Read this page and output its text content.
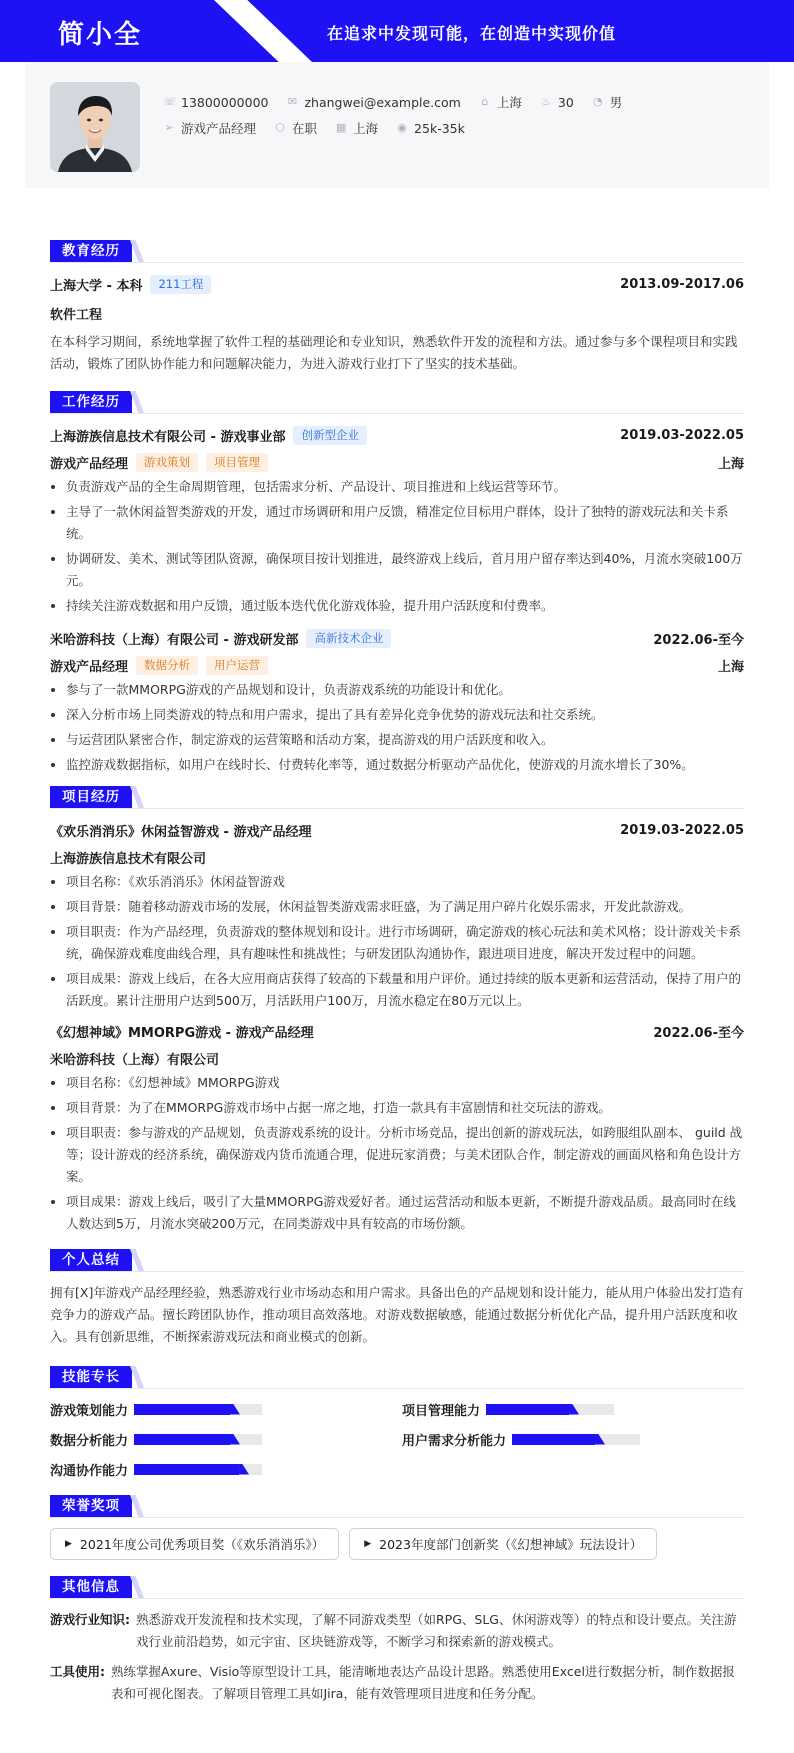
简小全	在追求中发现可能，在创造中实现价值
☏ 13800000000 ✉ zhangwei@example.com ⌂ 上海 ♨ 30 ◔ 男
➢ 游戏产品经理 ⬡ 在职 ▦ 上海 ◉ 25k-35k
教育经历
上海大学 - 本科	211工程	2013.09-2017.06
软件工程
在本科学习期间，系统地掌握了软件工程的基础理论和专业知识，熟悉软件开发的流程和方法。通过参与多个课程项目和实践活动，锻炼了团队协作能力和问题解决能力，为进入游戏行业打下了坚实的技术基础。
工作经历
上海游族信息技术有限公司 - 游戏事业部	创新型企业	2019.03-2022.05
游戏产品经理	游戏策划	项目管理	上海
• 负责游戏产品的全生命周期管理，包括需求分析、产品设计、项目推进和上线运营等环节。
• 主导了一款休闲益智类游戏的开发，通过市场调研和用户反馈，精准定位目标用户群体，设计了独特的游戏玩法和关卡系统。
• 协调研发、美术、测试等团队资源，确保项目按计划推进，最终游戏上线后，首月用户留存率达到40%，月流水突破100万元。
• 持续关注游戏数据和用户反馈，通过版本迭代优化游戏体验，提升用户活跃度和付费率。
米哈游科技（上海）有限公司 - 游戏研发部	高新技术企业	2022.06-至今
游戏产品经理	数据分析	用户运营	上海
• 参与了一款MMORPG游戏的产品规划和设计，负责游戏系统的功能设计和优化。
• 深入分析市场上同类游戏的特点和用户需求，提出了具有差异化竞争优势的游戏玩法和社交系统。
• 与运营团队紧密合作，制定游戏的运营策略和活动方案，提高游戏的用户活跃度和收入。
• 监控游戏数据指标，如用户在线时长、付费转化率等，通过数据分析驱动产品优化，使游戏的月流水增长了30%。
项目经历
《欢乐消消乐》休闲益智游戏 - 游戏产品经理	2019.03-2022.05
上海游族信息技术有限公司
• 项目名称：《欢乐消消乐》休闲益智游戏
• 项目背景：随着移动游戏市场的发展，休闲益智类游戏需求旺盛，为了满足用户碎片化娱乐需求，开发此款游戏。
• 项目职责：作为产品经理，负责游戏的整体规划和设计。进行市场调研，确定游戏的核心玩法和美术风格；设计游戏关卡系统，确保游戏难度曲线合理，具有趣味性和挑战性；与研发团队沟通协作，跟进项目进度，解决开发过程中的问题。
• 项目成果：游戏上线后，在各大应用商店获得了较高的下载量和用户评价。通过持续的版本更新和运营活动，保持了用户的活跃度。累计注册用户达到500万，月活跃用户100万，月流水稳定在80万元以上。
《幻想神域》MMORPG游戏 - 游戏产品经理	2022.06-至今
米哈游科技（上海）有限公司
• 项目名称：《幻想神域》MMORPG游戏
• 项目背景：为了在MMORPG游戏市场中占据一席之地，打造一款具有丰富剧情和社交玩法的游戏。
• 项目职责：参与游戏的产品规划，负责游戏系统的设计。分析市场竞品，提出创新的游戏玩法，如跨服组队副本、 guild 战等；设计游戏的经济系统，确保游戏内货币流通合理，促进玩家消费；与美术团队合作，制定游戏的画面风格和角色设计方案。
• 项目成果：游戏上线后，吸引了大量MMORPG游戏爱好者。通过运营活动和版本更新，不断提升游戏品质。最高同时在线人数达到5万，月流水突破200万元，在同类游戏中具有较高的市场份额。
个人总结
拥有[X]年游戏产品经理经验，熟悉游戏行业市场动态和用户需求。具备出色的产品规划和设计能力，能从用户体验出发打造有竞争力的游戏产品。擅长跨团队协作，推动项目高效落地。对游戏数据敏感，能通过数据分析优化产品，提升用户活跃度和收入。具有创新思维，不断探索游戏玩法和商业模式的创新。
技能专长
游戏策划能力	项目管理能力
数据分析能力	用户需求分析能力
沟通协作能力
荣誉奖项
▶ 2021年度公司优秀项目奖（《欢乐消消乐》）	▶ 2023年度部门创新奖（《幻想神域》玩法设计）
其他信息
游戏行业知识: 熟悉游戏开发流程和技术实现，了解不同游戏类型（如RPG、SLG、休闲游戏等）的特点和设计要点。关注游戏行业前沿趋势，如元宇宙、区块链游戏等，不断学习和探索新的游戏模式。
工具使用: 熟练掌握Axure、Visio等原型设计工具，能清晰地表达产品设计思路。熟悉使用Excel进行数据分析，制作数据报表和可视化图表。了解项目管理工具如Jira，能有效管理项目进度和任务分配。
